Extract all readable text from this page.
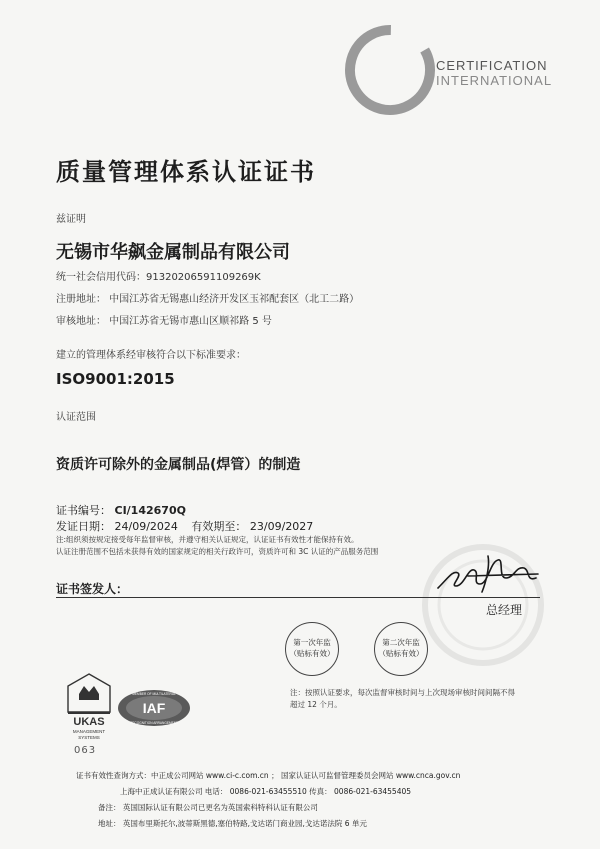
CERTIFICATION
INTERNATIONAL
质量管理体系认证证书
兹证明
无锡市华飙金属制品有限公司
统一社会信用代码：91320206591109269K
注册地址： 中国江苏省无锡惠山经济开发区玉祁配套区（北工二路）
审核地址： 中国江苏省无锡市惠山区顺祁路 5 号
建立的管理体系经审核符合以下标准要求：
ISO9001:2015
认证范围
资质许可除外的金属制品(焊管）的制造
证书编号： CI/142670Q
发证日期： 24/09/2024 有效期至： 23/09/2027
注:组织须按规定接受每年监督审核，并遵守相关认证规定，认证证书有效性才能保持有效。
认证注册范围不包括未获得有效的国家规定的相关行政许可，资质许可和 3C 认证的产品服务范围
证书签发人：
总经理
第一次年监
（贴标有效）
第二次年监
（贴标有效）
注：按照认证要求，每次监督审核时间与上次现场审核时间间隔不得
超过 12 个月。
UKAS
MANAGEMENT
SYSTEMS
063
IAF
MEMBER OF MULTILATERAL
RECOGNITION ARRANGEMENT
证书有效性查询方式：中正成公司网站 www.ci-c.com.cn ； 国家认证认可监督管理委员会网站 www.cnca.gov.cn
上海中正成认证有限公司 电话： 0086-021-63455510 传真： 0086-021-63455405
备注： 英国国际认证有限公司已更名为英国索科特科认证有限公司
地址： 英国布里斯托尔,波蒂斯黑德,塞伯特路,戈达诺门商业园,戈达诺法院 6 单元
